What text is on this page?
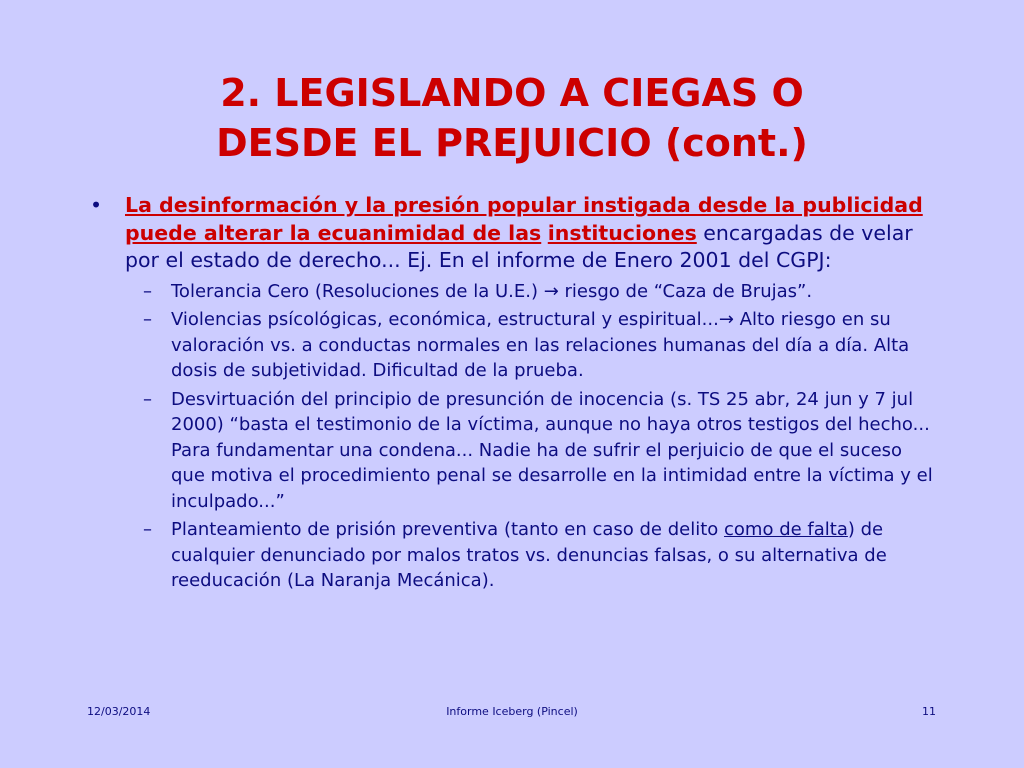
2. LEGISLANDO A CIEGAS O
DESDE EL PREJUICIO (cont.)
• La desinformación y la presión popular instigada desde la publicidad puede alterar la ecuanimidad de las instituciones encargadas de velar por el estado de derecho... Ej. En el informe de Enero 2001 del CGPJ:
– Tolerancia Cero (Resoluciones de la U.E.) → riesgo de “Caza de Brujas”.
– Violencias psícológicas, económica, estructural y espiritual...→ Alto riesgo en su valoración vs. a conductas normales en las relaciones humanas del día a día. Alta dosis de subjetividad. Dificultad de la prueba.
– Desvirtuación del principio de presunción de inocencia (s. TS 25 abr, 24 jun y 7 jul 2000) “basta el testimonio de la víctima, aunque no haya otros testigos del hecho... Para fundamentar una condena... Nadie ha de sufrir el perjuicio de que el suceso que motiva el procedimiento penal se desarrolle en la intimidad entre la víctima y el inculpado...”
– Planteamiento de prisión preventiva (tanto en caso de delito como de falta) de cualquier denunciado por malos tratos vs. denuncias falsas, o su alternativa de reeducación (La Naranja Mecánica).
12/03/2014	Informe Iceberg (Pincel)	11
